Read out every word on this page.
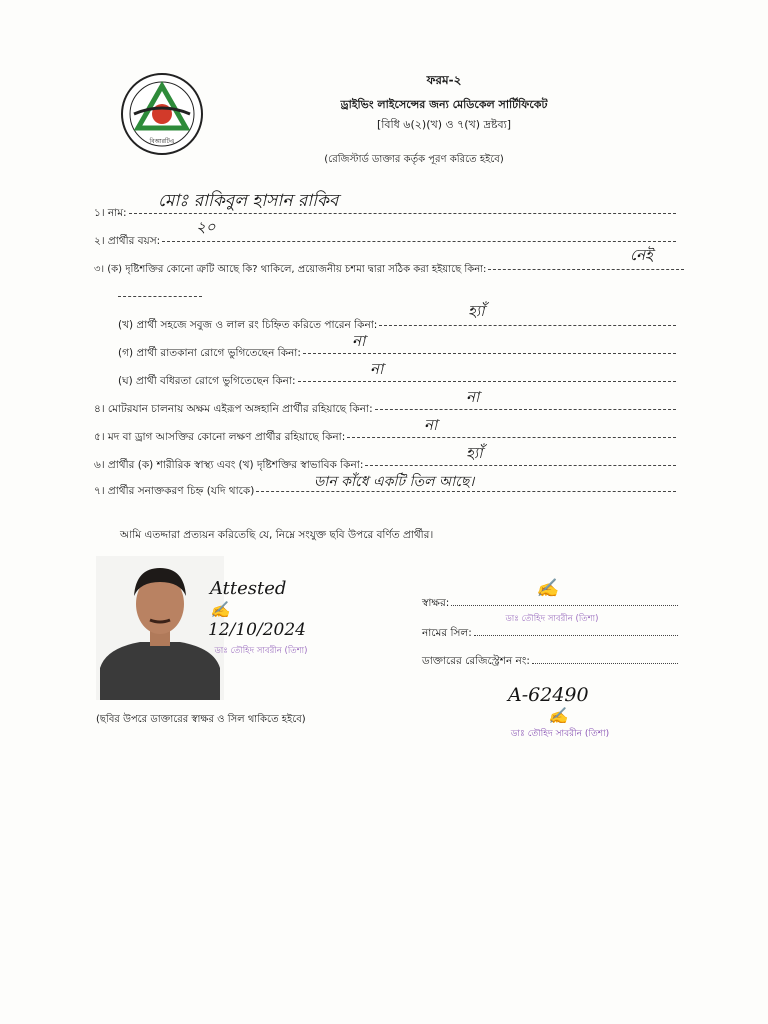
বিআরটিএ
ফরম-২
ড্রাইভিং লাইসেন্সের জন্য মেডিকেল সার্টিফিকেট
[বিধি ৬(২)(খ) ও ৭(খ) দ্রষ্টব্য]
(রেজিস্টার্ড ডাক্তার কর্তৃক পূরণ করিতে হইবে)
মোঃ রাকিবুল হাসান রাকিব
১। নাম:
২০
২। প্রার্থীর বয়স:
নেই
৩। (ক) দৃষ্টিশক্তির কোনো ত্রুটি আছে কি? থাকিলে, প্রয়োজনীয় চশমা দ্বারা সঠিক করা হইয়াছে কিনা:
হ্যাঁ
(খ) প্রার্থী সহজে সবুজ ও লাল রং চিহ্নিত করিতে পারেন কিনা:
না
(গ) প্রার্থী রাতকানা রোগে ভুগিতেছেন কিনা:
না
(ঘ) প্রার্থী বধিরতা রোগে ভুগিতেছেন কিনা:
না
৪। মোটরযান চালনায় অক্ষম এইরূপ অঙ্গহানি প্রার্থীর রহিয়াছে কিনা:
না
৫। মদ বা ড্রাগ আসক্তির কোনো লক্ষণ প্রার্থীর রহিয়াছে কিনা:
হ্যাঁ
৬। প্রার্থীর (ক) শারীরিক স্বাস্থ্য এবং (খ) দৃষ্টিশক্তির স্বাভাবিক কিনা:
ডান কাঁধে একটি তিল আছে।
৭। প্রার্থীর সনাক্তকরণ চিহ্ন (যদি থাকে)
আমি এতদ্দারা প্রত্যয়ন করিতেছি যে, নিম্নে সংযুক্ত ছবি উপরে বর্ণিত প্রার্থীর।
Attested
✍
12/10/2024
ডাঃ তৌহিদ সাবরীন (তিশা)
(ছবির উপরে ডাক্তারের স্বাক্ষর ও সিল থাকিতে হইবে)
✍
স্বাক্ষর:
নামের সিল:
ডাঃ তৌহিদ সাবরীন (তিশা)
ডাক্তারের রেজিস্ট্রেশন নং:
A-62490
✍
ডাঃ তৌহিদ সাবরীন (তিশা)
